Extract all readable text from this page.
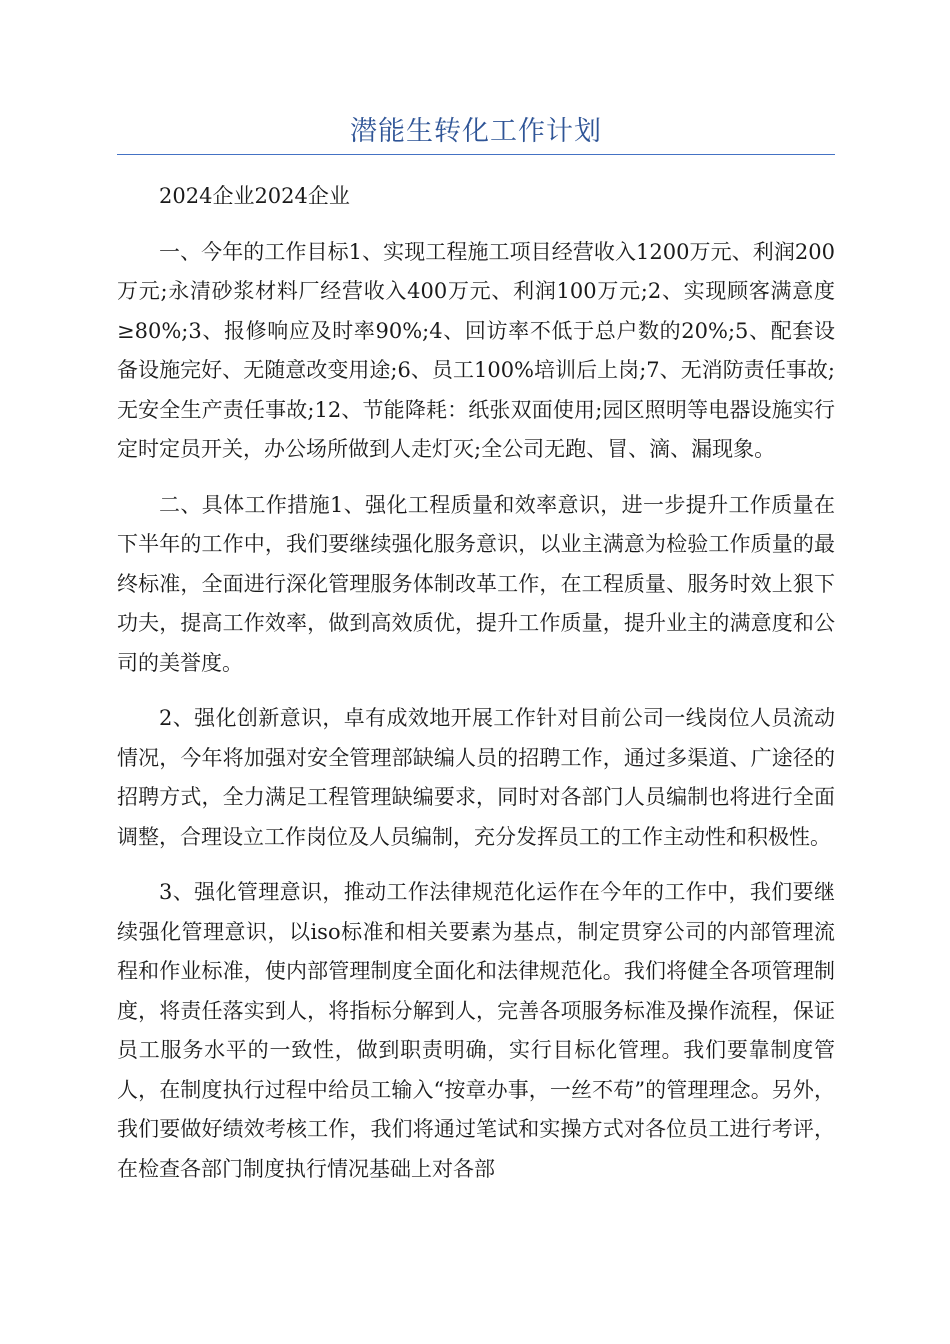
潜能生转化工作计划

2024企业2024企业

一、今年的工作目标1、实现工程施工项目经营收入1200万元、利润200万元;永清砂浆材料厂经营收入400万元、利润100万元;2、实现顾客满意度≥80%;3、报修响应及时率90%;4、回访率不低于总户数的20%;5、配套设备设施完好、无随意改变用途;6、员工100%培训后上岗;7、无消防责任事故;无安全生产责任事故;12、节能降耗：纸张双面使用;园区照明等电器设施实行定时定员开关，办公场所做到人走灯灭;全公司无跑、冒、滴、漏现象。

二、具体工作措施1、强化工程质量和效率意识，进一步提升工作质量在下半年的工作中，我们要继续强化服务意识，以业主满意为检验工作质量的最终标准，全面进行深化管理服务体制改革工作，在工程质量、服务时效上狠下功夫，提高工作效率，做到高效质优，提升工作质量，提升业主的满意度和公司的美誉度。

2、强化创新意识，卓有成效地开展工作针对目前公司一线岗位人员流动情况，今年将加强对安全管理部缺编人员的招聘工作，通过多渠道、广途径的招聘方式，全力满足工程管理缺编要求，同时对各部门人员编制也将进行全面调整，合理设立工作岗位及人员编制，充分发挥员工的工作主动性和积极性。

3、强化管理意识，推动工作法律规范化运作在今年的工作中，我们要继续强化管理意识，以iso标准和相关要素为基点，制定贯穿公司的内部管理流程和作业标准，使内部管理制度全面化和法律规范化。我们将健全各项管理制度，将责任落实到人，将指标分解到人，完善各项服务标准及操作流程，保证员工服务水平的一致性，做到职责明确，实行目标化管理。我们要靠制度管人，在制度执行过程中给员工输入“按章办事，一丝不苟”的管理理念。另外，我们要做好绩效考核工作，我们将通过笔试和实操方式对各位员工进行考评，在检查各部门制度执行情况基础上对各部
